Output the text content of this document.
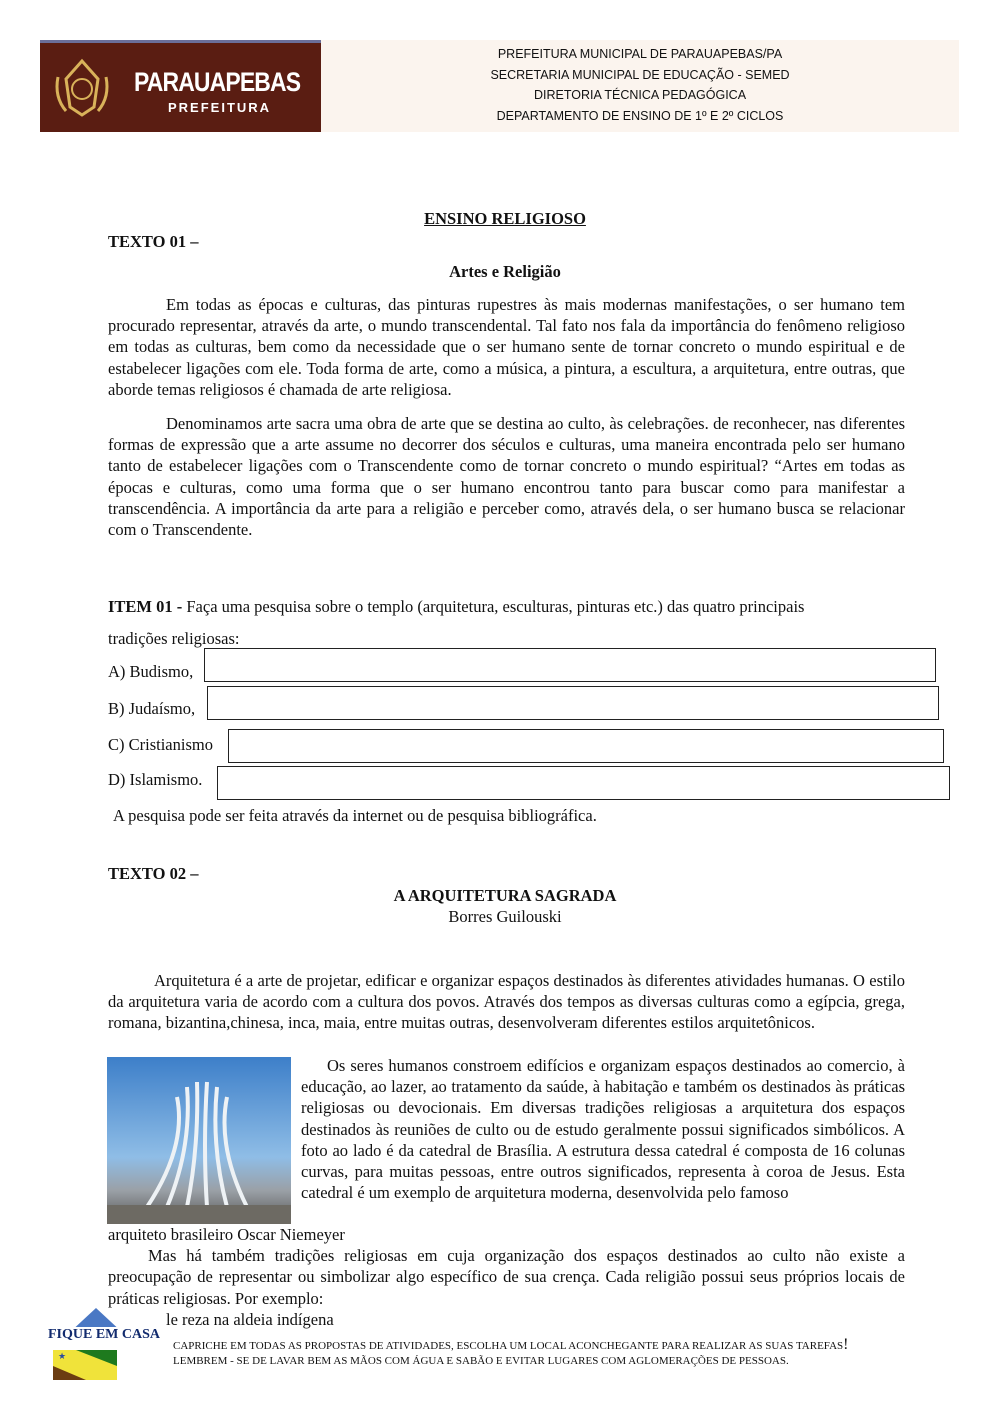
PARAUAPEBAS
PREFEITURA
PREFEITURA MUNICIPAL DE PARAUAPEBAS/PA
SECRETARIA MUNICIPAL DE EDUCAÇÃO - SEMED
DIRETORIA TÉCNICA PEDAGÓGICA
DEPARTAMENTO DE ENSINO DE 1º E 2º CICLOS
ENSINO RELIGIOSO
TEXTO 01 –
Artes e Religião

Em todas as épocas e culturas, das pinturas rupestres às mais modernas manifestações, o ser humano tem procurado representar, através da arte, o mundo transcendental. Tal fato nos fala da importância do fenômeno religioso em todas as culturas, bem como da necessidade que o ser humano sente de tornar concreto o mundo espiritual e de estabelecer ligações com ele. Toda forma de arte, como a música, a pintura, a escultura, a arquitetura, entre outras, que aborde temas religiosos é chamada de arte religiosa.

Denominamos arte sacra uma obra de arte que se destina ao culto, às celebrações. de reconhecer, nas diferentes formas de expressão que a arte assume no decorrer dos séculos e culturas, uma maneira encontrada pelo ser humano tanto de estabelecer ligações com o Transcendente como de tornar concreto o mundo espiritual? “Artes em todas as épocas e culturas, como uma forma que o ser humano encontrou tanto para buscar como para manifestar a transcendência. A importância da arte para a religião e perceber como, através dela, o ser humano busca se relacionar com o Transcendente.

ITEM 01 - Faça uma pesquisa sobre o templo (arquitetura, esculturas, pinturas etc.) das quatro principais
tradições religiosas:
A) Budismo,
B) Judaísmo,
C) Cristianismo
D) Islamismo.
A pesquisa pode ser feita através da internet ou de pesquisa bibliográfica.
TEXTO 02 –
A ARQUITETURA SAGRADA
Borres Guilouski

Arquitetura é a arte de projetar, edificar e organizar espaços destinados às diferentes atividades humanas. O estilo da arquitetura varia de acordo com a cultura dos povos. Através dos tempos as diversas culturas como a egípcia, grega, romana, bizantina,chinesa, inca, maia, entre muitas outras, desenvolveram diferentes estilos arquitetônicos.

Os seres humanos constroem edifícios e organizam espaços destinados ao comercio, à educação, ao lazer, ao tratamento da saúde, à habitação e também os destinados às práticas religiosas ou devocionais. Em diversas tradições religiosas a arquitetura dos espaços destinados às reuniões de culto ou de estudo geralmente possui significados simbólicos. A foto ao lado é da catedral de Brasília. A estrutura dessa catedral é composta de 16 colunas curvas, para muitas pessoas, entre outros significados, representa à coroa de Jesus. Esta catedral é um exemplo de arquitetura moderna, desenvolvida pelo famoso

arquiteto brasileiro Oscar Niemeyer

Mas há também tradições religiosas em cuja organização dos espaços destinados ao culto não existe a preocupação de representar ou simbolizar algo específico de sua crença. Cada religião possui seus próprios locais de práticas religiosas. Por exemplo:

le reza na aldeia indígena

★
FIQUE EM CASA
CAPRICHE EM TODAS AS PROPOSTAS DE ATIVIDADES, ESCOLHA UM LOCAL ACONCHEGANTE PARA REALIZAR AS SUAS TAREFAS!
LEMBREM - SE DE LAVAR BEM AS MÃOS COM ÁGUA E SABÃO E EVITAR LUGARES COM AGLOMERAÇÕES DE PESSOAS.
